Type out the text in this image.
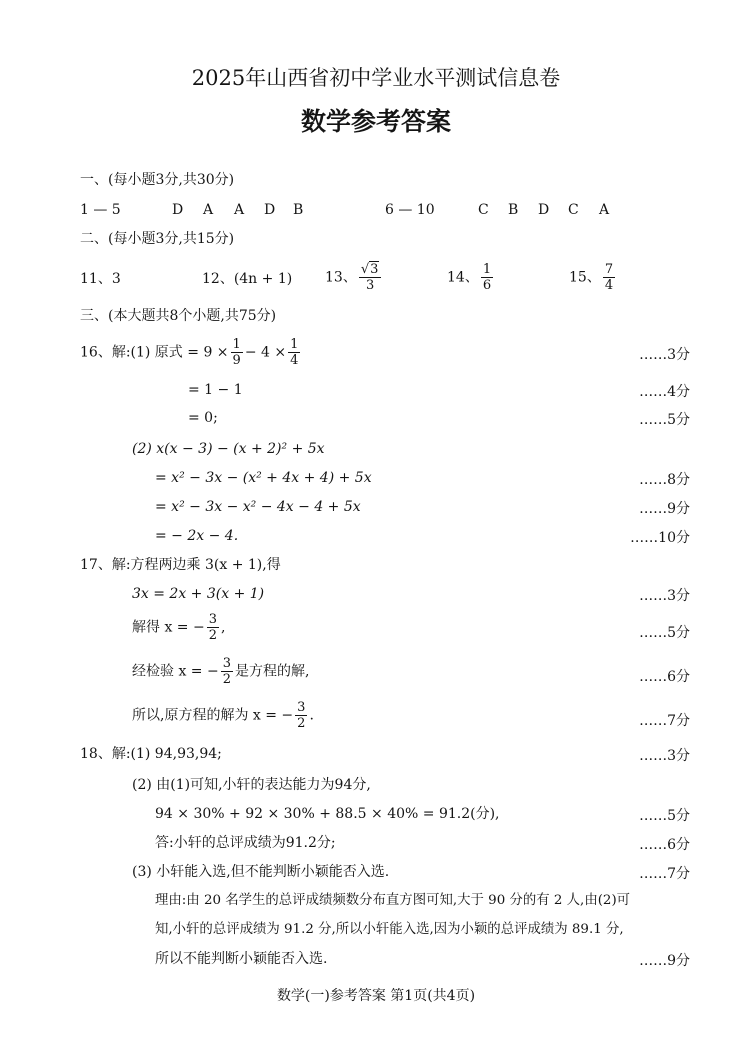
2025年山西省初中学业水平测试信息卷
数学参考答案
一、(每小题3分,共30分)
1 — 5	D A A D B	6 — 10	C B D C A
二、(每小题3分,共15分)
11、3	12、(4n + 1) 13、 $\frac{√3}{3}$	14、 $\frac{1}{6}$	15、 $\frac{7}{4}$
三、(本大题共8个小题,共75分)
16、解:(1) 原式 = $9 \times \frac{1}{9} - 4 \times \frac{1}{4}$	……3分
= 1 − 1	……4分
= 0;	……5分
(2) x(x − 3) − (x + 2)² + 5x
= x² − 3x − (x² + 4x + 4) + 5x	……8分
= x² − 3x − x² − 4x − 4 + 5x	……9分
= − 2x − 4.	……10分
17、解:方程两边乘 3(x + 1),得
3x = 2x + 3(x + 1)	……3分
解得 x = − $\frac{3}{2}$ ,	……5分
经检验 x = − $\frac{3}{2}$ 是方程的解,	……6分
所以,原方程的解为 x = − $\frac{3}{2}$ .	……7分
18、解:(1) 94,93,94;	……3分
(2) 由(1)可知,小轩的表达能力为94分,
94 × 30% + 92 × 30% + 88.5 × 40% = 91.2(分),	……5分
答:小轩的总评成绩为91.2分;	……6分
(3) 小轩能入选,但不能判断小颖能否入选.	……7分
理由:由 20 名学生的总评成绩频数分布直方图可知,大于 90 分的有 2 人,由(2)可
知,小轩的总评成绩为 91.2 分,所以小轩能入选,因为小颖的总评成绩为 89.1 分,
所以不能判断小颖能否入选.	……9分
数学(一)参考答案 第1页(共4页)
